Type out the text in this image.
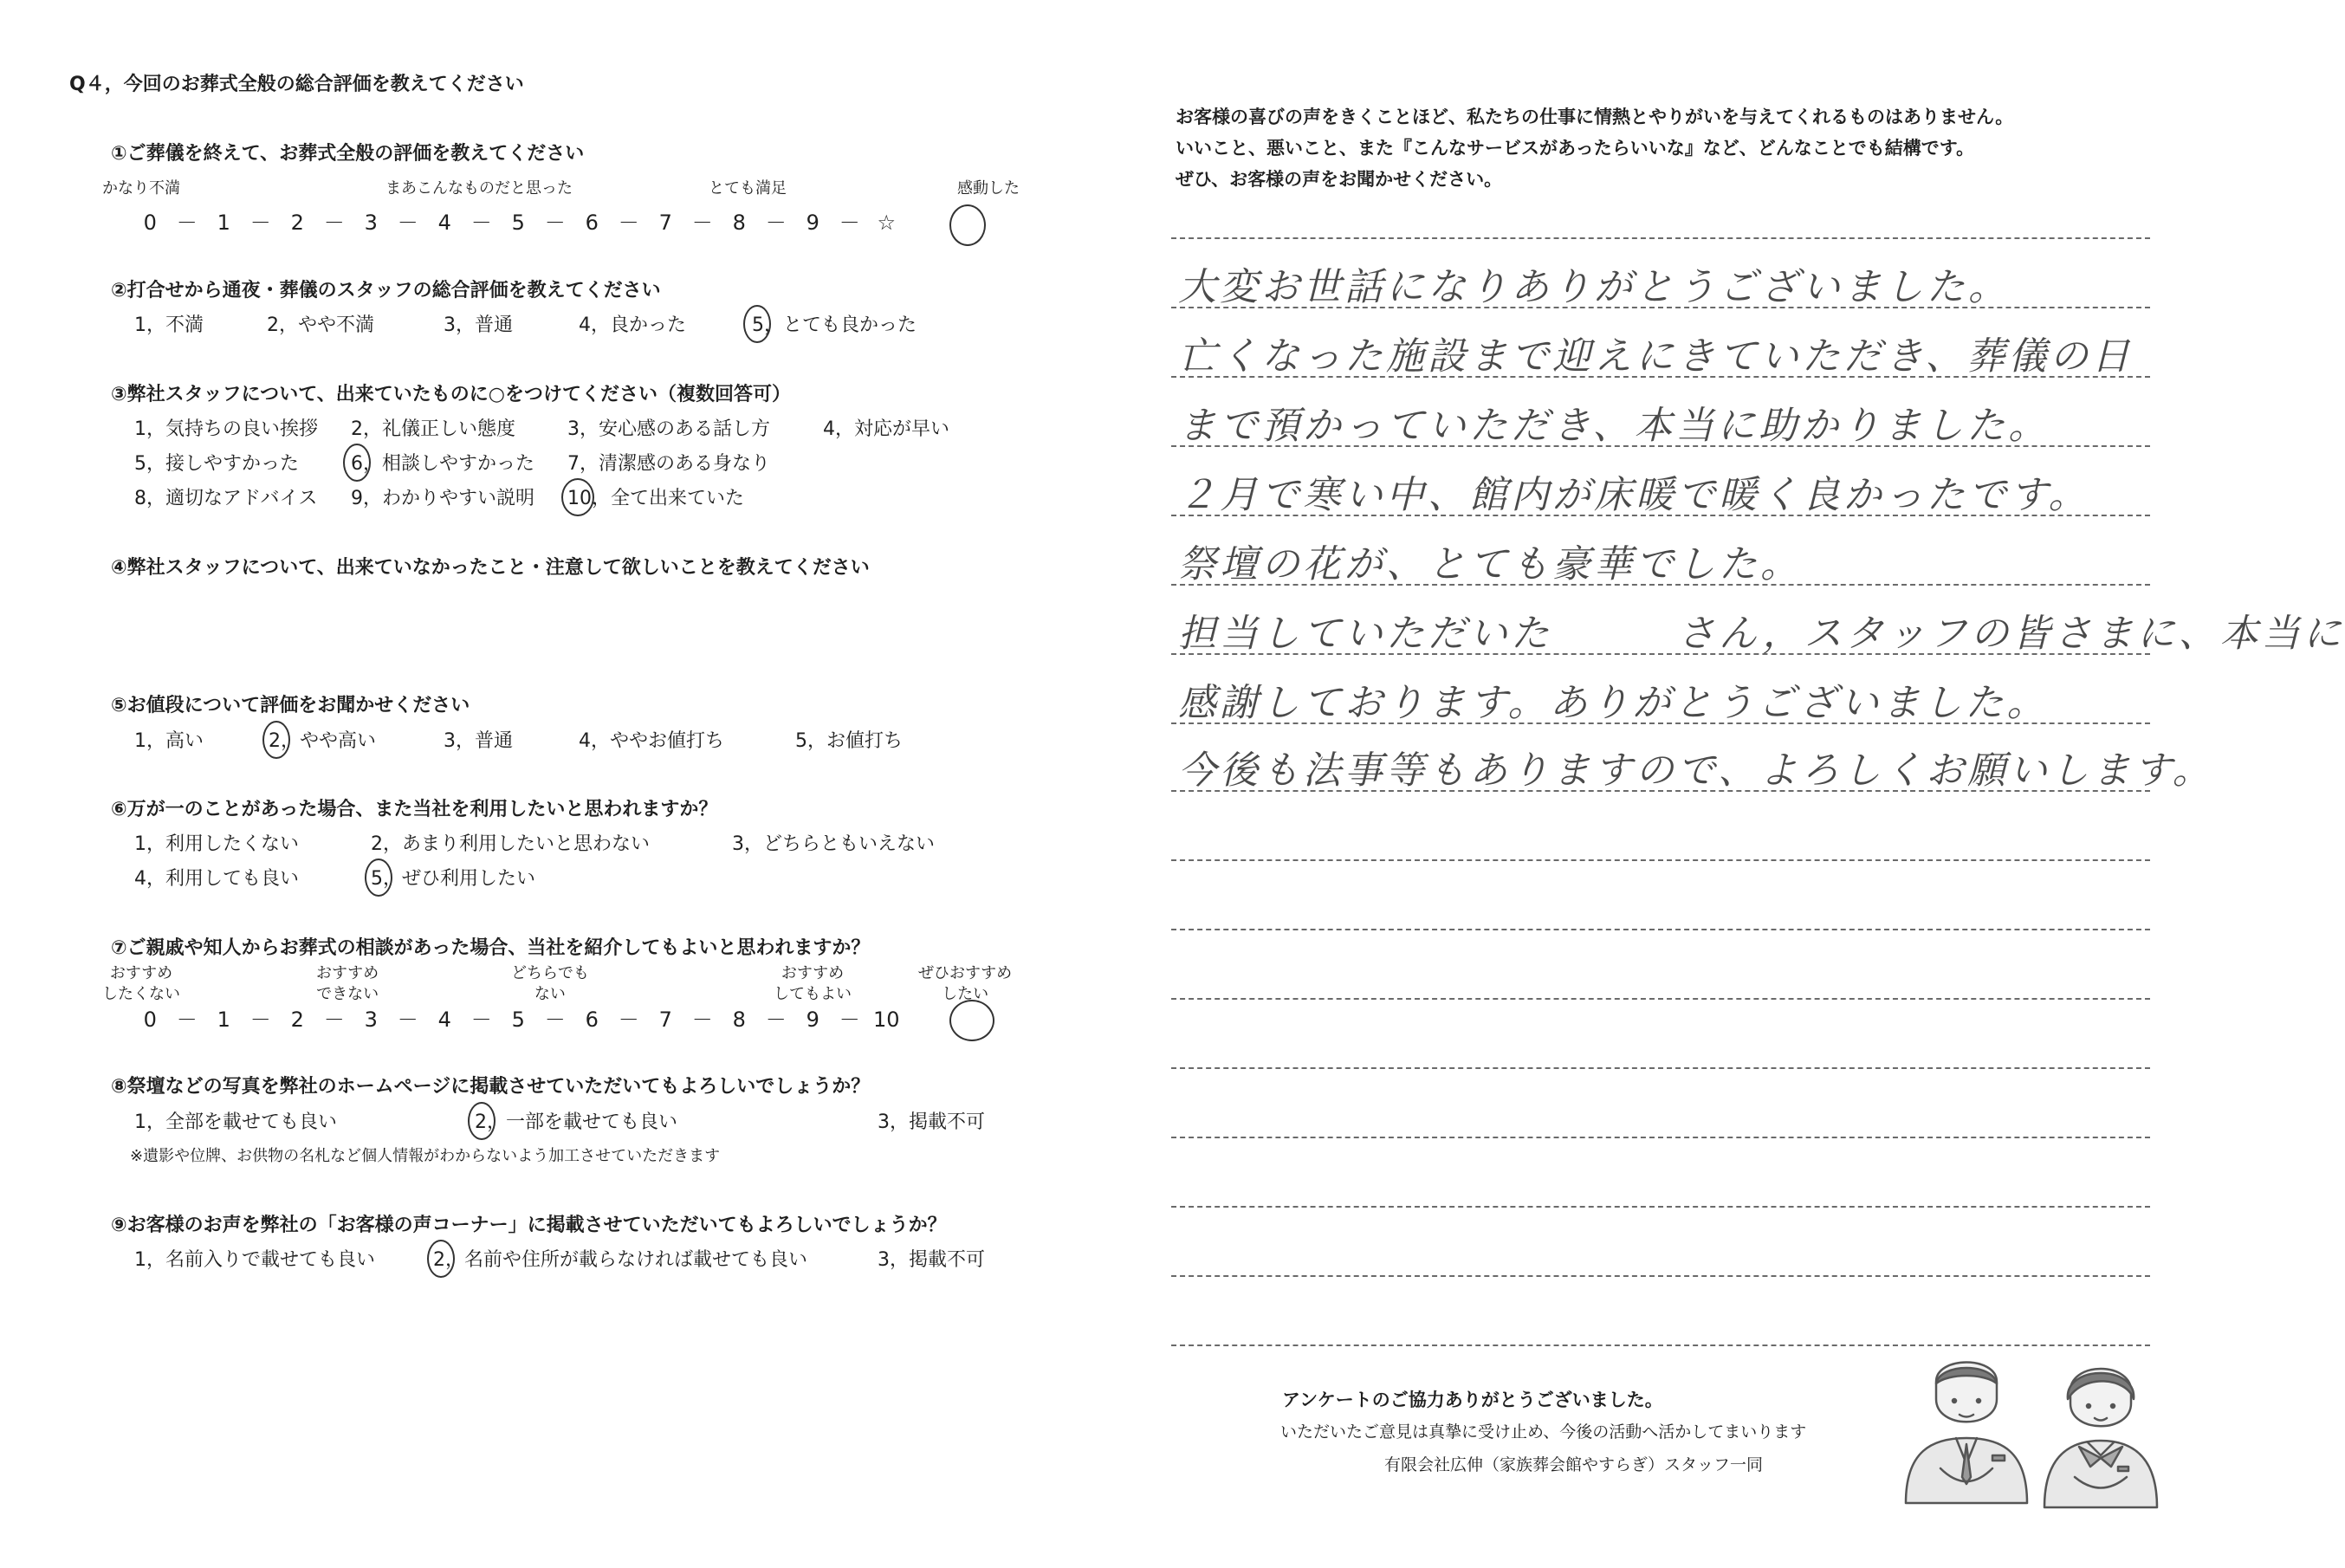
Q４，今回のお葬式全般の総合評価を教えてください
①ご葬儀を終えて、お葬式全般の評価を教えてください
かなり不満	まあこんなものだと思った	とても満足	感動した
0 － 1 － 2 － 3 － 4 － 5 － 6 － 7 － 8 － 9 － ☆
②打合せから通夜・葬儀のスタッフの総合評価を教えてください
1，不満	2，やや不満	3，普通	4，良かった	5，とても良かった
③弊社スタッフについて、出来ていたものに○をつけてください（複数回答可）
1，気持ちの良い挨拶 2，礼儀正しい態度	3，安心感のある話し方	4，対応が早い
5，接しやすかった	6，相談しやすかった 7，清潔感のある身なり
8，適切なアドバイス 9，わかりやすい説明 10，全て出来ていた
④弊社スタッフについて、出来ていなかったこと・注意して欲しいことを教えてください
⑤お値段について評価をお聞かせください
1，高い	2，やや高い	3，普通	4，ややお値打ち	5，お値打ち
⑥万が一のことがあった場合、また当社を利用したいと思われますか？
1，利用したくない	2，あまり利用したいと思わない	3，どちらともいえない
4，利用しても良い	5，ぜひ利用したい
⑦ご親戚や知人からお葬式の相談があった場合、当社を紹介してもよいと思われますか？
おすすめ
したくない
おすすめ
できない
どちらでも
ない
おすすめ
してもよい
ぜひおすすめ
したい
0 － 1 － 2 － 3 － 4 － 5 － 6 － 7 － 8 － 9 － 10
⑧祭壇などの写真を弊社のホームページに掲載させていただいてもよろしいでしょうか？
1，全部を載せても良い	2，一部を載せても良い	3，掲載不可
※遺影や位牌、お供物の名札など個人情報がわからないよう加工させていただきます
⑨お客様のお声を弊社の「お客様の声コーナー」に掲載させていただいてもよろしいでしょうか？
1，名前入りで載せても良い	2，名前や住所が載らなければ載せても良い	3，掲載不可
お客様の喜びの声をきくことほど、私たちの仕事に情熱とやりがいを与えてくれるものはありません。
いいこと、悪いこと、また『こんなサービスがあったらいいな』など、どんなことでも結構です。
ぜひ、お客様の声をお聞かせください。
大変お世話になりありがとうございました。
亡くなった施設まで迎えにきていただき、葬儀の日
まで預かっていただき、本当に助かりました。
２月で寒い中、館内が床暖で暖く良かったです。
祭壇の花が、とても豪華でした。
担当していただいた　　　さん，スタッフの皆さまに、本当に
感謝しております。ありがとうございました。
今後も法事等もありますので、よろしくお願いします。
アンケートのご協力ありがとうございました。
いただいたご意見は真摯に受け止め、今後の活動へ活かしてまいります
有限会社広伸（家族葬会館やすらぎ）スタッフ一同
